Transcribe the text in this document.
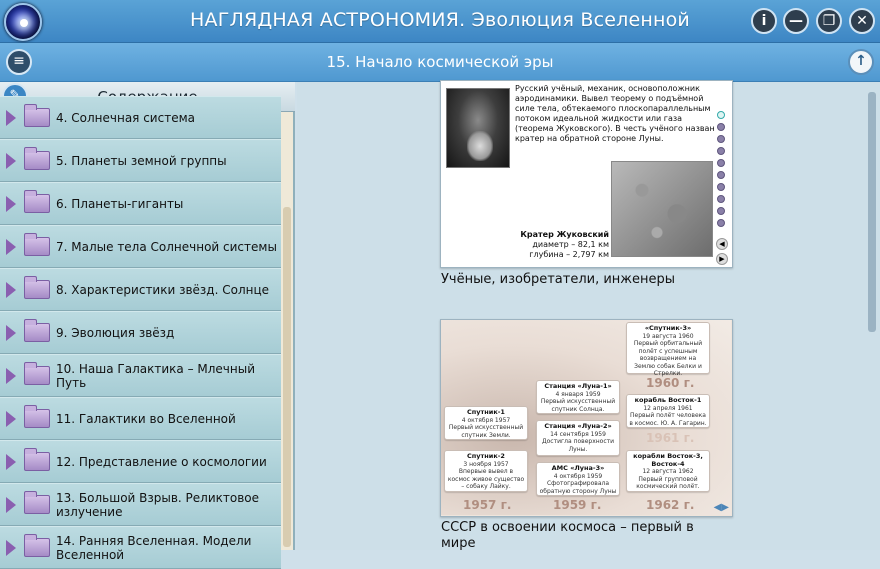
НАГЛЯДНАЯ АСТРОНОМИЯ. Эволюция Вселенной	i	—	❐	✕
≡	15. Начало космической эры	↑
4. Солнечная система
5. Планеты земной группы
6. Планеты-гиганты
7. Малые тела Солнечной системы
8. Характеристики звёзд. Солнце
9. Эволюция звёзд
10. Наша Галактика – Млечный Путь
11. Галактики во Вселенной
12. Представление о космологии
13. Большой Взрыв. Реликтовое излучение
14. Ранняя Вселенная. Модели Вселенной
Русский учёный, механик, основоположник аэродинамики. Вывел теорему о подъёмной силе тела, обтекаемого плоскопараллельным потоком идеальной жидкости или газа (теорема Жуковского). В честь учёного назван кратер на обратной стороне Луны.
Кратер Жуковский
диаметр – 82,1 км
глубина – 2,797 км
◀
▶
Учёные, изобретатели, инженеры
«Спутник-3»
19 августа 1960
Первый орбитальный полёт с успешным возвращением на Землю собак Белки и Стрелки.
1960 г.
Станция «Луна-1»
4 января 1959
Первый искусственный спутник Солнца.
корабль Восток-1
12 апреля 1961
Первый полёт человека в космос. Ю. А. Гагарин.
1961 г.
Спутник-1
4 октября 1957
Первый искусственный спутник Земли.
Станция «Луна-2»
14 сентября 1959
Достигла поверхности Луны.
Спутник-2
3 ноября 1957
Впервые вывел в космос живое существо – собаку Лайку.
АМС «Луна-3»
4 октября 1959
Сфотографировала обратную сторону Луны
корабли Восток-3, Восток-4
12 августа 1962
Первый групповой космический полёт.
1957 г.	1959 г.	1962 г. ◀▶
СССР в освоении космоса – первый в мире
